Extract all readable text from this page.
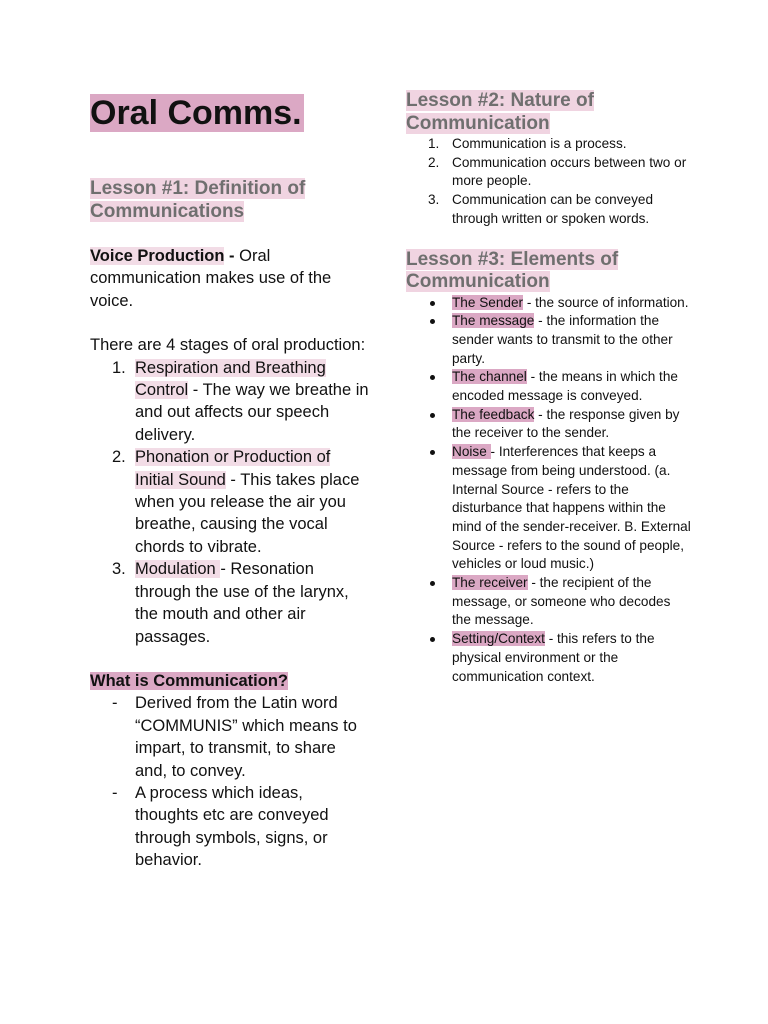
Oral Comms.
Lesson #1: Definition of Communications

Voice Production - Oral communication makes use of the voice.

There are 4 stages of oral production:

1. Respiration and Breathing Control - The way we breathe in and out affects our speech delivery.
2. Phonation or Production of Initial Sound - This takes place when you release the air you breathe, causing the vocal chords to vibrate.
3. Modulation - Resonation through the use of the larynx, the mouth and other air passages.

What is Communication?

- Derived from the Latin word “COMMUNIS” which means to impart, to transmit, to share and, to convey.
- A process which ideas, thoughts etc are conveyed through symbols, signs, or behavior.
Lesson #2: Nature of Communication
1. Communication is a process.
2. Communication occurs between two or more people.
3. Communication can be conveyed through written or spoken words.
Lesson #3: Elements of Communication
The Sender - the source of information.
The message - the information the sender wants to transmit to the other party.
The channel - the means in which the encoded message is conveyed.
The feedback - the response given by the receiver to the sender.
Noise - Interferences that keeps a message from being understood. (a. Internal Source - refers to the disturbance that happens within the mind of the sender-receiver. B. External Source - refers to the sound of people, vehicles or loud music.)
The receiver - the recipient of the message, or someone who decodes the message.
Setting/Context - this refers to the physical environment or the communication context.
